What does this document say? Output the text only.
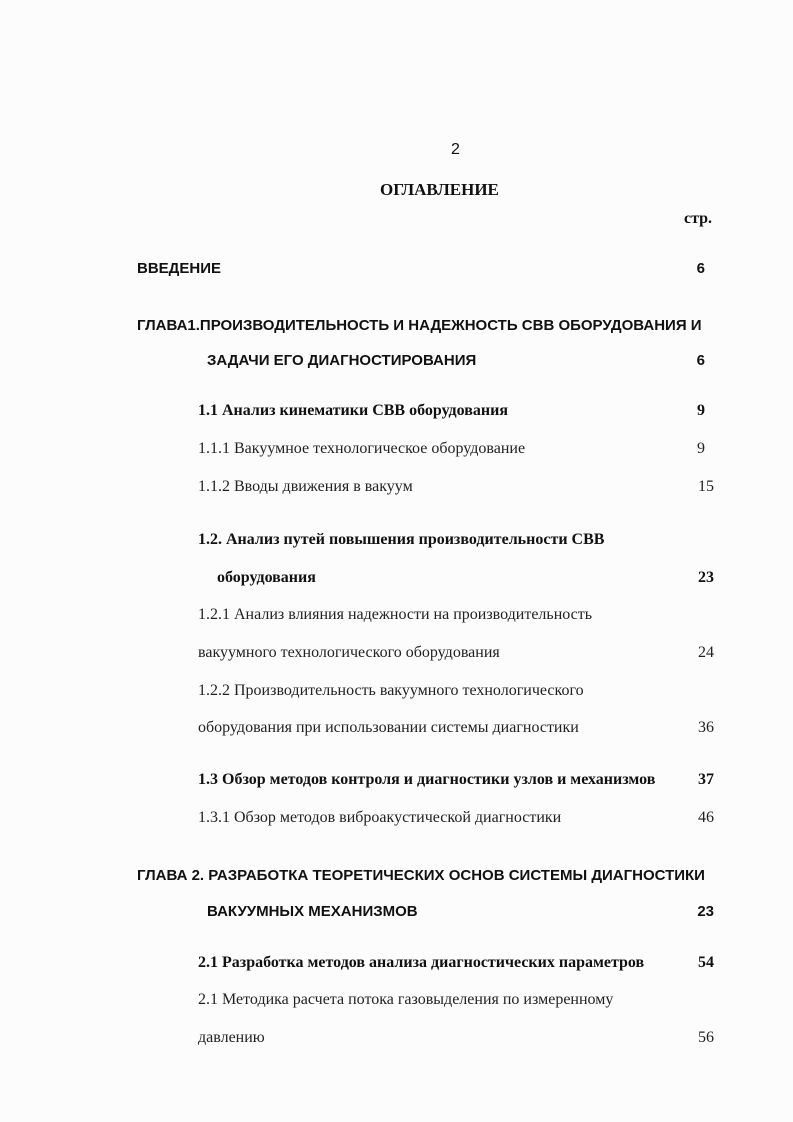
2
ОГЛАВЛЕНИЕ
стр.
ВВЕДЕНИЕ	6
ГЛАВА1.ПРОИЗВОДИТЕЛЬНОСТЬ И НАДЕЖНОСТЬ СВВ ОБОРУДОВАНИЯ И
ЗАДАЧИ ЕГО ДИАГНОСТИРОВАНИЯ	6
1.1 Анализ кинематики СВВ оборудования	9
1.1.1 Вакуумное технологическое оборудование	9
1.1.2 Вводы движения в вакуум	15
1.2. Анализ путей повышения производительности СВВ
оборудования	23
1.2.1 Анализ влияния надежности на производительность
вакуумного технологического оборудования	24
1.2.2 Производительность вакуумного технологического
оборудования при использовании системы диагностики	36
1.3 Обзор методов контроля и диагностики узлов и механизмов	37
1.3.1 Обзор методов виброакустической диагностики	46
ГЛАВА 2. РАЗРАБОТКА ТЕОРЕТИЧЕСКИХ ОСНОВ СИСТЕМЫ ДИАГНОСТИКИ
ВАКУУМНЫХ МЕХАНИЗМОВ	23
2.1 Разработка методов анализа диагностических параметров	54
2.1 Методика расчета потока газовыделения по измеренному
давлению	56
